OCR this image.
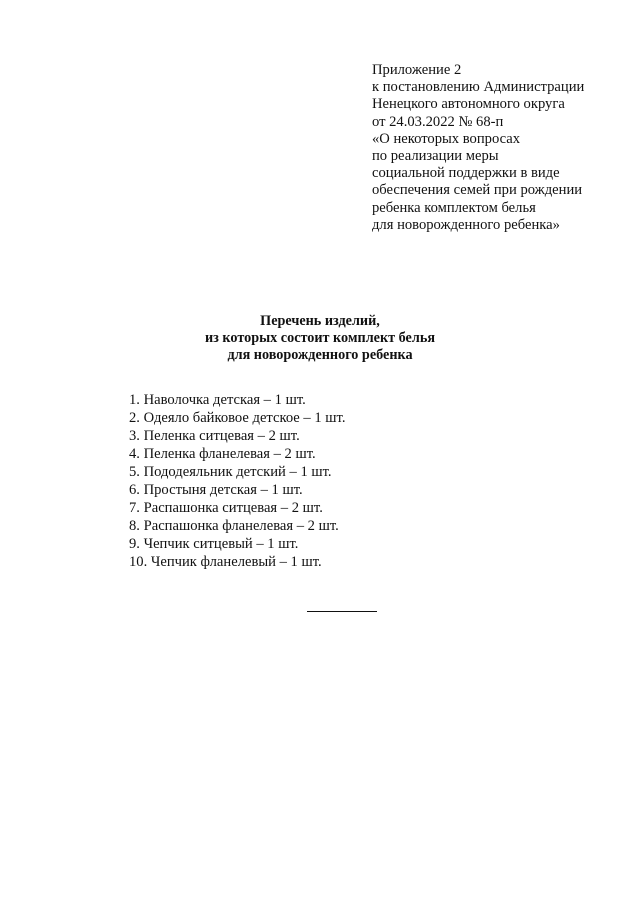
Приложение 2
к постановлению Администрации
Ненецкого автономного округа
от 24.03.2022 № 68-п
«О некоторых вопросах
по реализации меры
социальной поддержки в виде
обеспечения семей при рождении
ребенка комплектом белья
для новорожденного ребенка»
Перечень изделий,
из которых состоит комплект белья
для новорожденного ребенка
1. Наволочка детская – 1 шт.
2. Одеяло байковое детское – 1 шт.
3. Пеленка ситцевая – 2 шт.
4. Пеленка фланелевая – 2 шт.
5. Пододеяльник детский – 1 шт.
6. Простыня детская – 1 шт.
7. Распашонка ситцевая – 2 шт.
8. Распашонка фланелевая – 2 шт.
9. Чепчик ситцевый – 1 шт.
10. Чепчик фланелевый – 1 шт.
